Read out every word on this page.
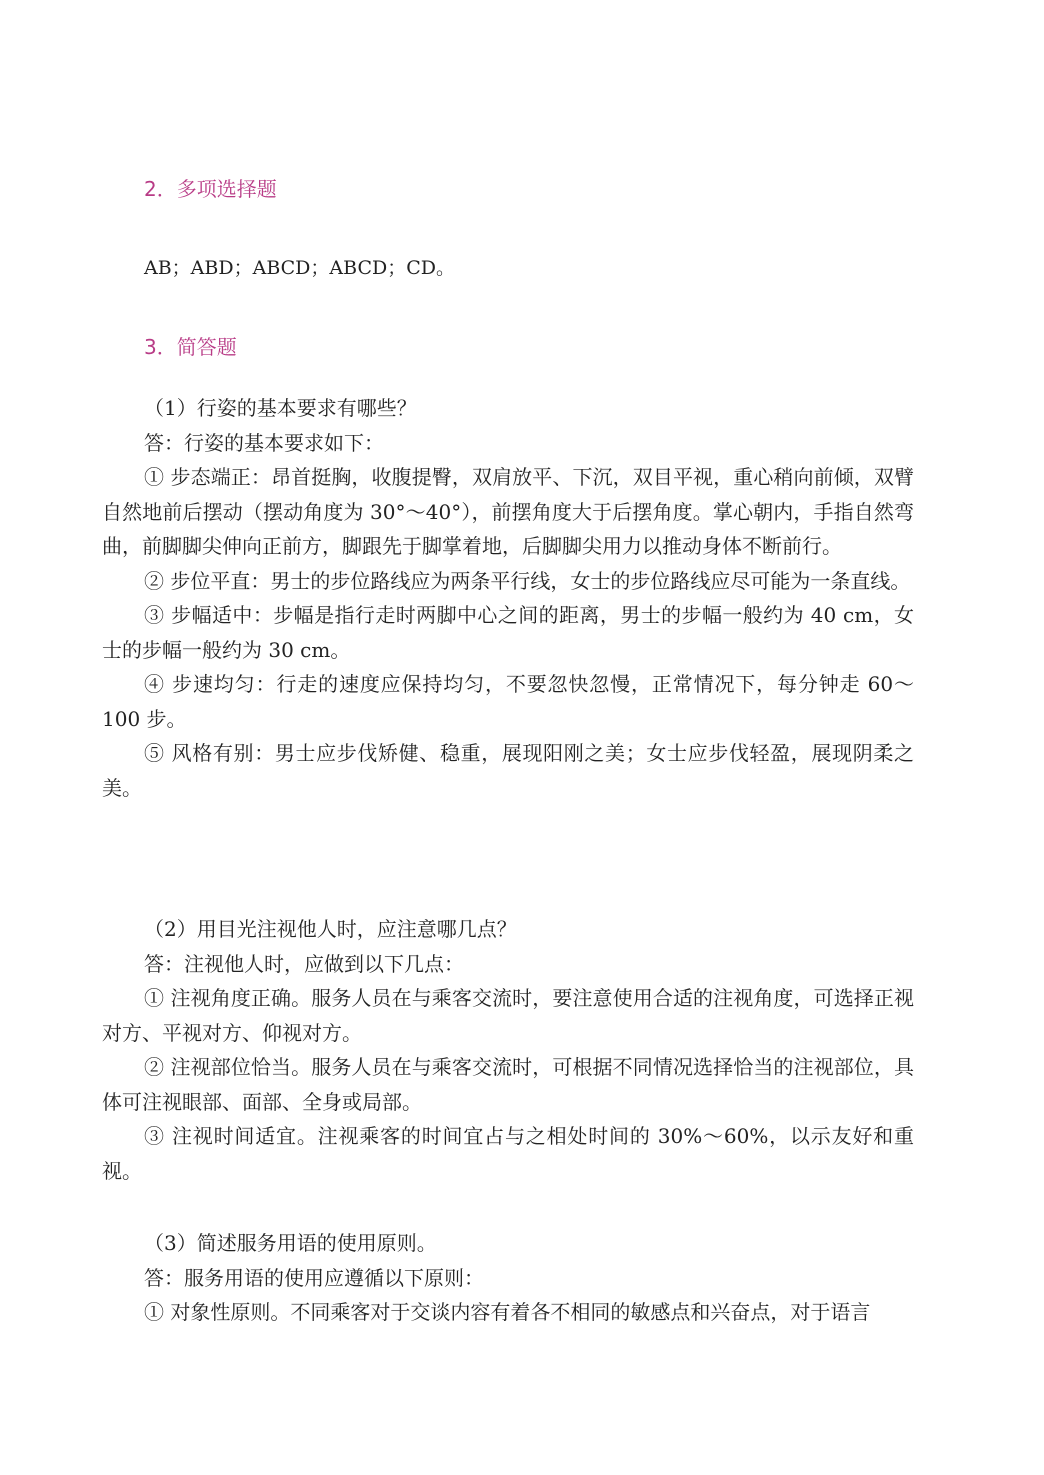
2．多项选择题
AB；ABD；ABCD；ABCD；CD。
3．简答题

（1）行姿的基本要求有哪些？

答：行姿的基本要求如下：

① 步态端正：昂首挺胸，收腹提臀，双肩放平、下沉，双目平视，重心稍向前倾，双臂自然地前后摆动（摆动角度为 30°～40°），前摆角度大于后摆角度。掌心朝内，手指自然弯曲，前脚脚尖伸向正前方，脚跟先于脚掌着地，后脚脚尖用力以推动身体不断前行。

② 步位平直：男士的步位路线应为两条平行线，女士的步位路线应尽可能为一条直线。

③ 步幅适中：步幅是指行走时两脚中心之间的距离，男士的步幅一般约为 40 cm，女士的步幅一般约为 30 cm。

④ 步速均匀：行走的速度应保持均匀，不要忽快忽慢，正常情况下，每分钟走 60～100 步。

⑤ 风格有别：男士应步伐矫健、稳重，展现阳刚之美；女士应步伐轻盈，展现阴柔之美。

（2）用目光注视他人时，应注意哪几点？

答：注视他人时，应做到以下几点：

① 注视角度正确。服务人员在与乘客交流时，要注意使用合适的注视角度，可选择正视对方、平视对方、仰视对方。

② 注视部位恰当。服务人员在与乘客交流时，可根据不同情况选择恰当的注视部位，具体可注视眼部、面部、全身或局部。

③ 注视时间适宜。注视乘客的时间宜占与之相处时间的 30%～60%，以示友好和重视。

（3）简述服务用语的使用原则。

答：服务用语的使用应遵循以下原则：

① 对象性原则。不同乘客对于交谈内容有着各不相同的敏感点和兴奋点，对于语言
